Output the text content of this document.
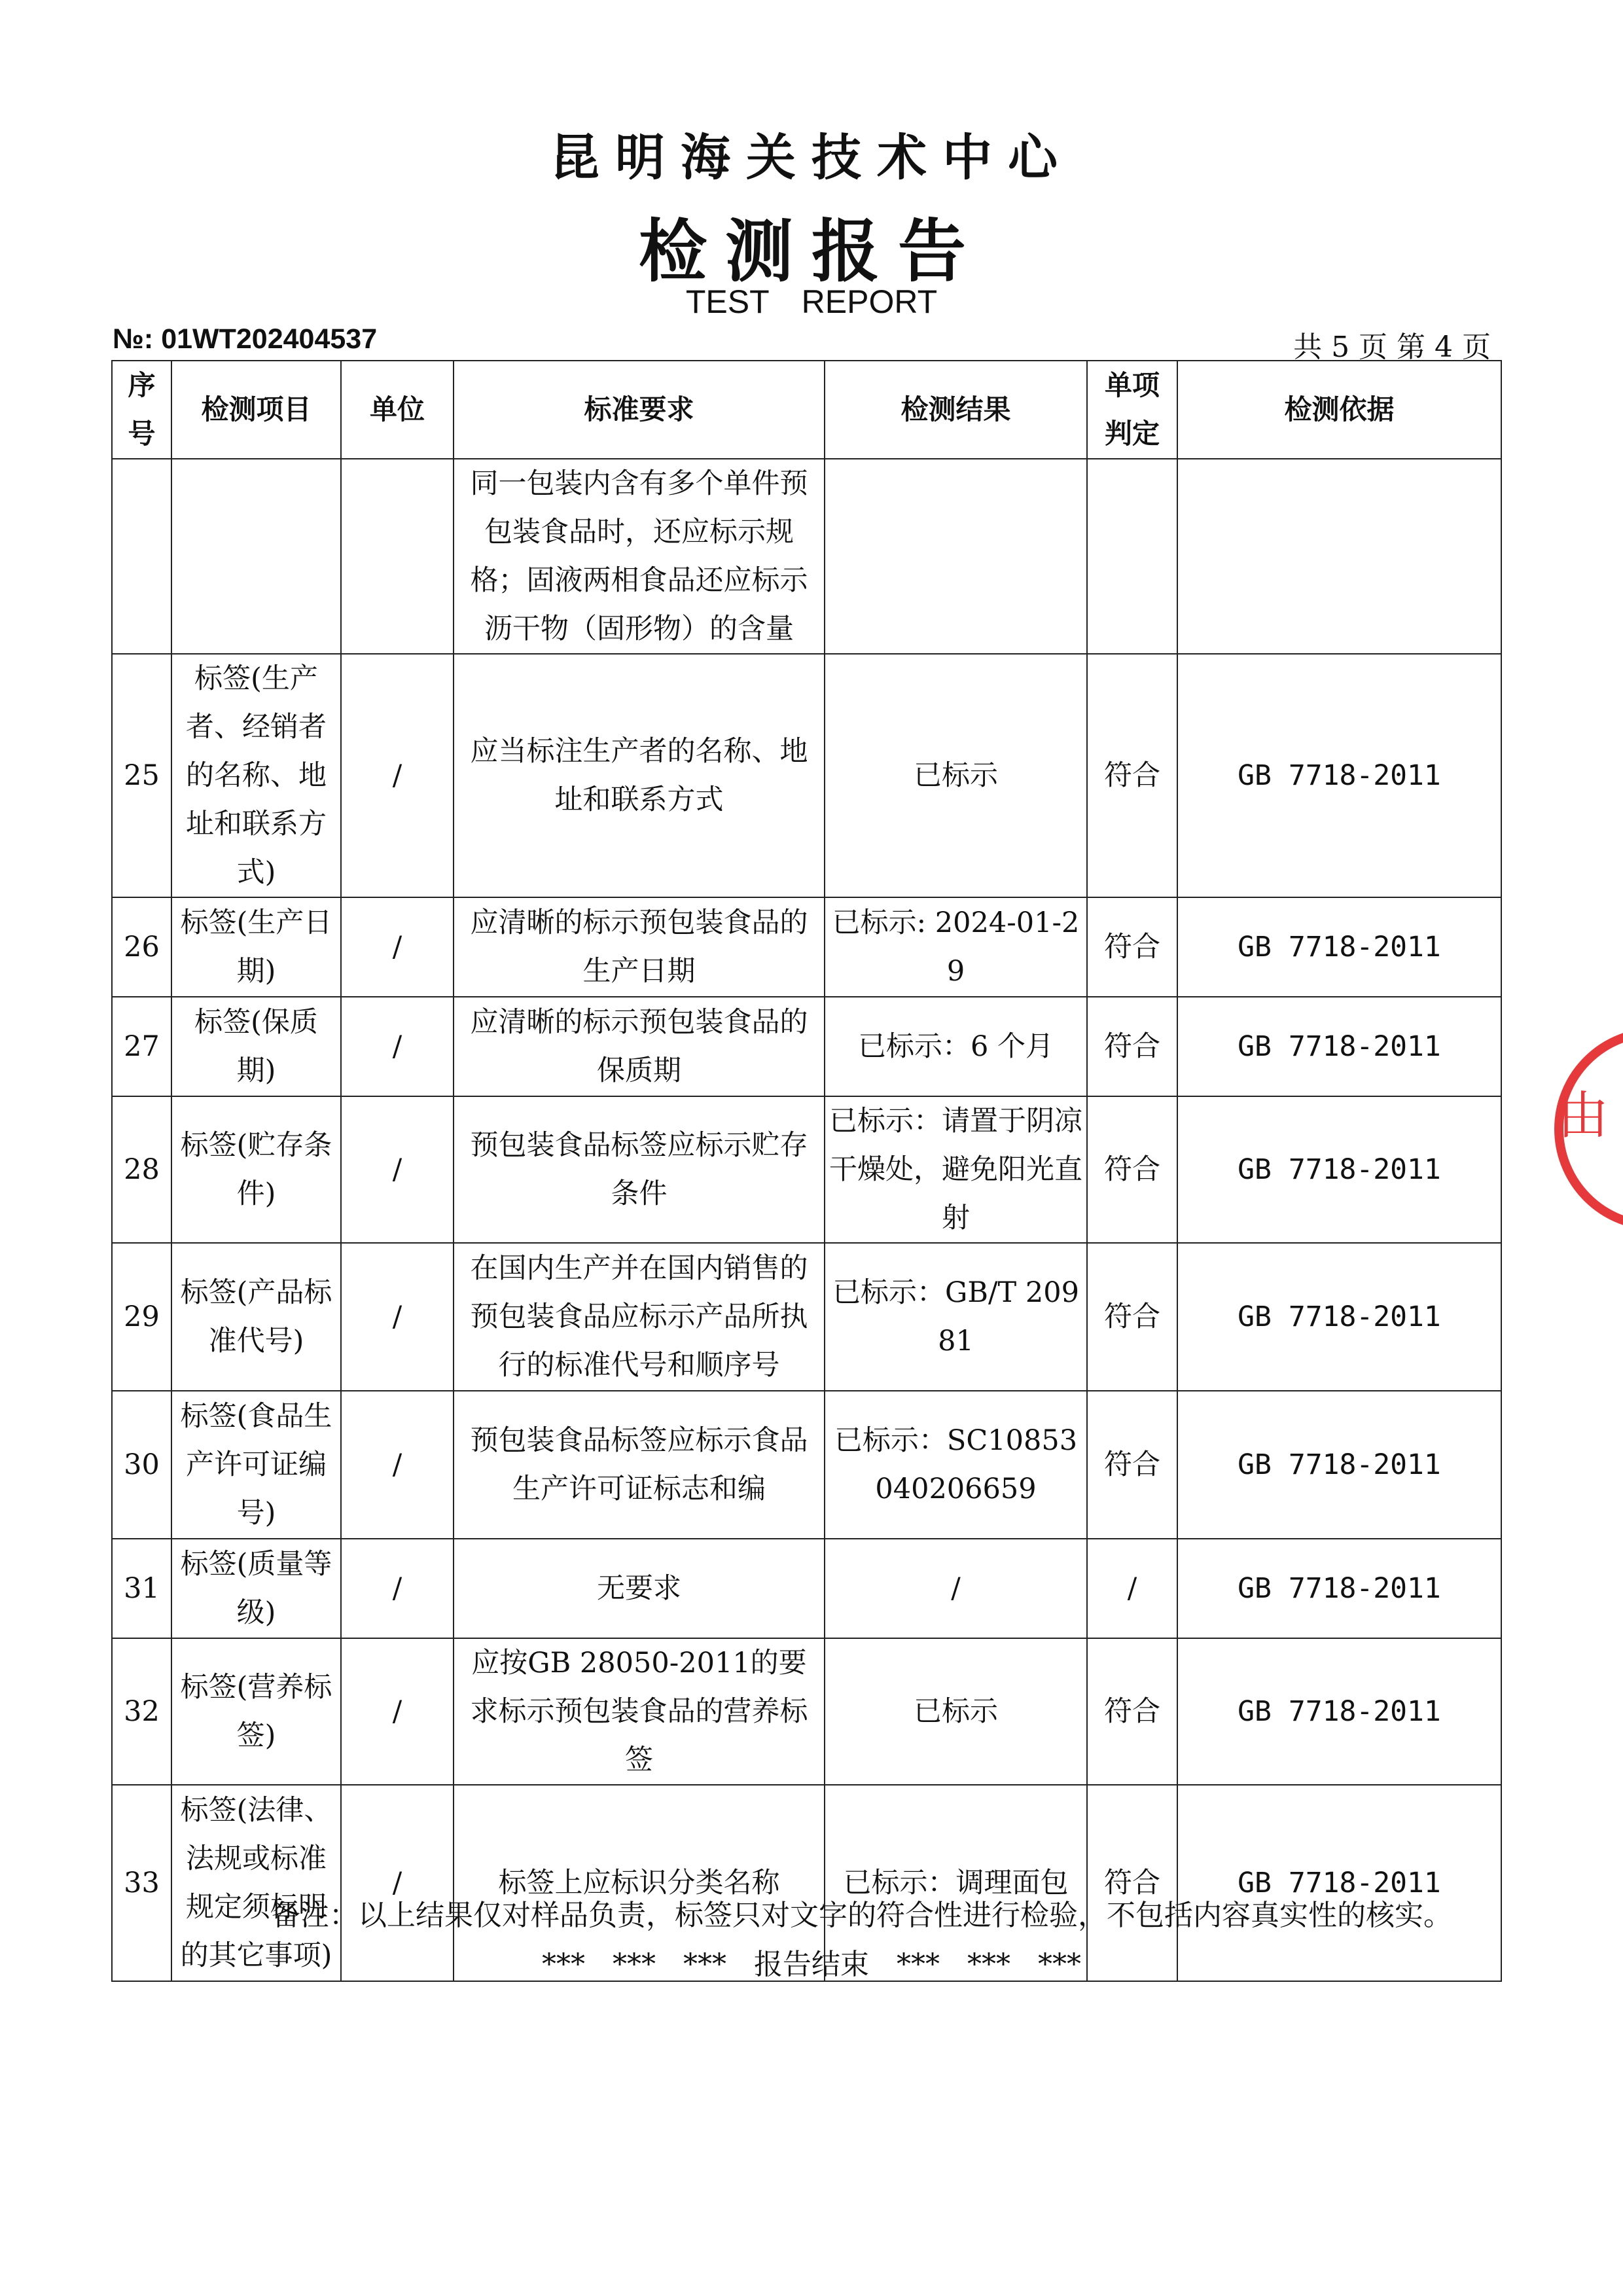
昆明海关技术中心
检测报告
TEST REPORT
№: 01WT202404537	共 5 页 第 4 页
序号	检测项目	单位	标准要求	检测结果	单项判定	检测依据
			同一包装内含有多个单件预包装食品时，还应标示规格；固液两相食品还应标示沥干物（固形物）的含量			
25	标签(生产者、经销者的名称、地址和联系方式)	/	应当标注生产者的名称、地址和联系方式	已标示	符合	GB 7718-2011
26	标签(生产日期)	/	应清晰的标示预包装食品的生产日期	已标示: 2024-01-29	符合	GB 7718-2011
27	标签(保质期)	/	应清晰的标示预包装食品的保质期	已标示：6 个月	符合	GB 7718-2011
28	标签(贮存条件)	/	预包装食品标签应标示贮存条件	已标示：请置于阴凉干燥处，避免阳光直射	符合	GB 7718-2011
29	标签(产品标准代号)	/	在国内生产并在国内销售的预包装食品应标示产品所执行的标准代号和顺序号	已标示：GB/T 20981	符合	GB 7718-2011
30	标签(食品生产许可证编号)	/	预包装食品标签应标示食品生产许可证标志和编	已标示：SC10853040206659	符合	GB 7718-2011
31	标签(质量等级)	/	无要求	/	/	GB 7718-2011
32	标签(营养标签)	/	应按GB 28050-2011的要求标示预包装食品的营养标签	已标示	符合	GB 7718-2011
33	标签(法律、法规或标准规定须标明的其它事项)	/	标签上应标识分类名称	已标示：调理面包	符合	GB 7718-2011
备注：以上结果仅对样品负责，标签只对文字的符合性进行检验，不包括内容真实性的核实。
*** *** *** 报告结束 *** *** ***
由
